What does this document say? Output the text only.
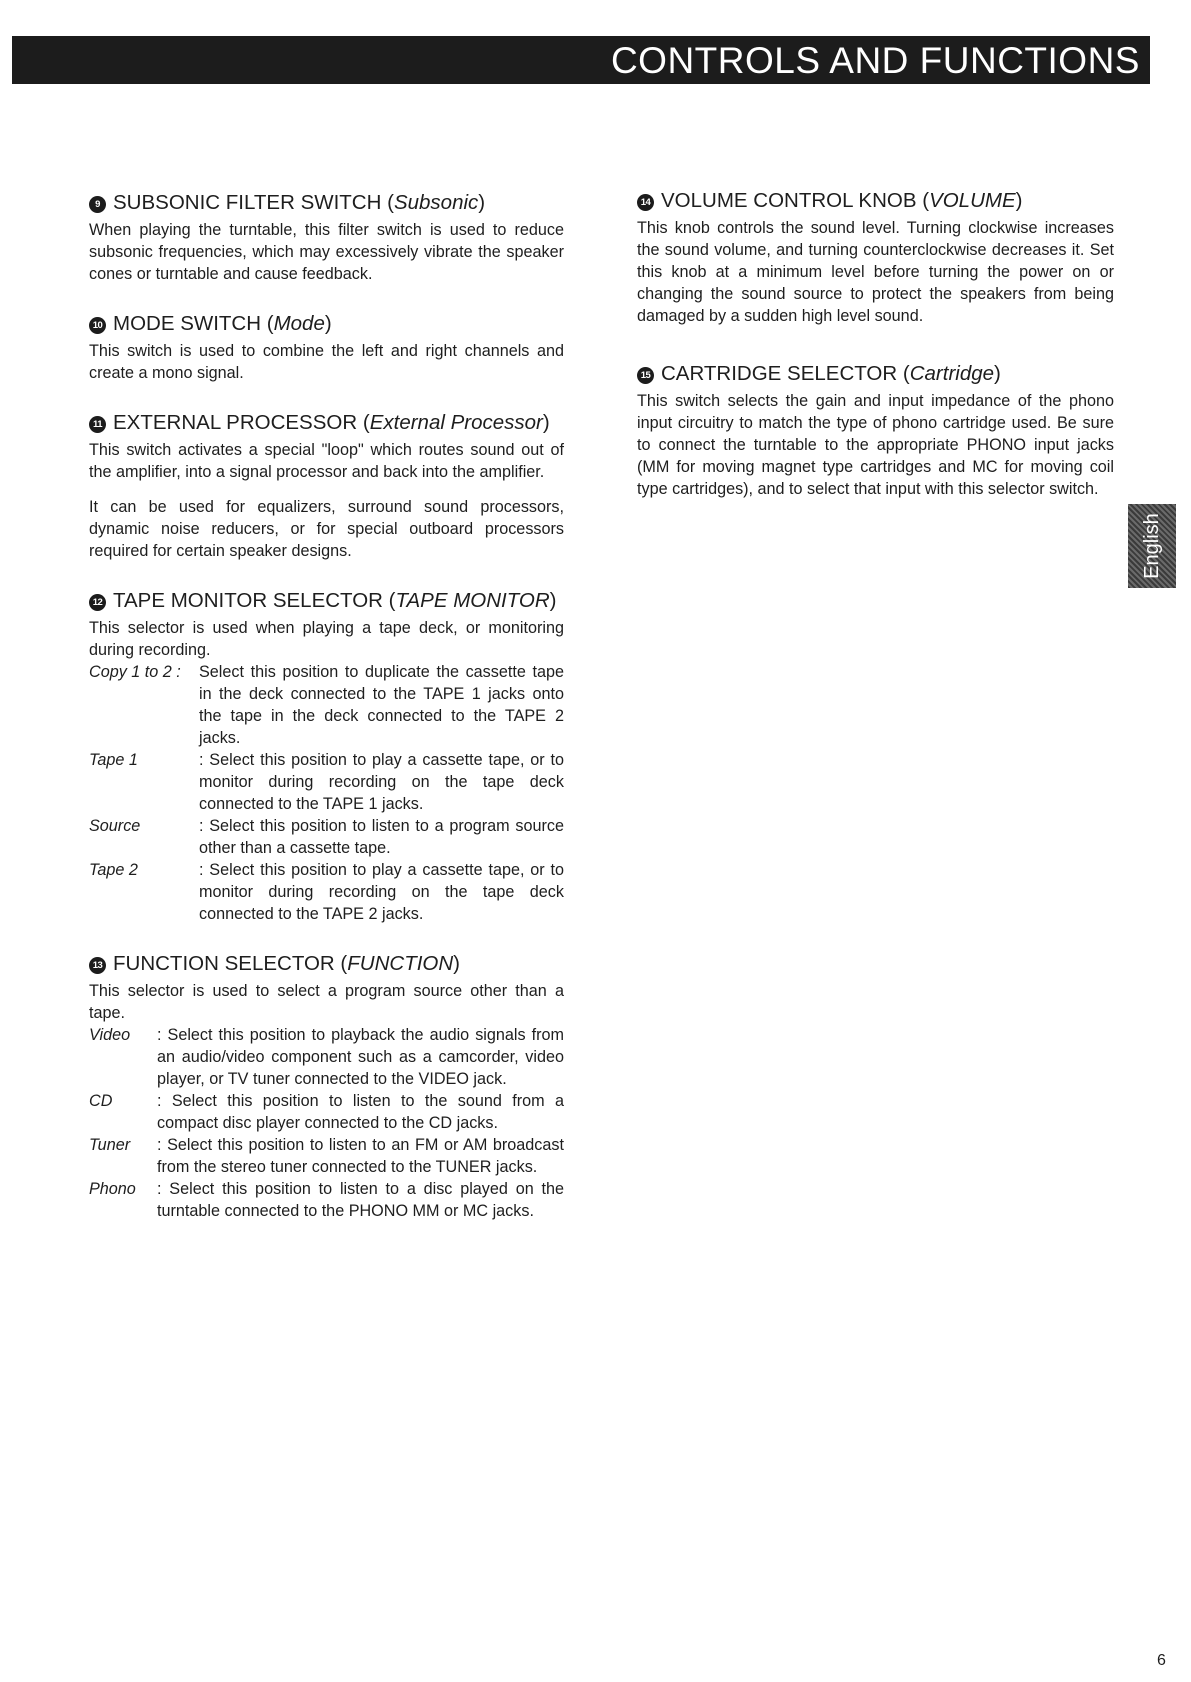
CONTROLS AND FUNCTIONS
9 SUBSONIC FILTER SWITCH (Subsonic)

When playing the turntable, this filter switch is used to reduce subsonic frequencies, which may excessively vibrate the speaker cones or turntable and cause feedback.

10 MODE SWITCH (Mode)

This switch is used to combine the left and right channels and create a mono signal.

11 EXTERNAL PROCESSOR (External Processor)

This switch activates a special "loop" which routes sound out of the amplifier, into a signal processor and back into the amplifier.

It can be used for equalizers, surround sound processors, dynamic noise reducers, or for special outboard processors required for certain speaker designs.

12 TAPE MONITOR SELECTOR (TAPE MONITOR)

This selector is used when playing a tape deck, or monitoring during recording.

Copy 1 to 2 :	Select this position to duplicate the cassette tape in the deck connected to the TAPE 1 jacks onto the tape in the deck connected to the TAPE 2 jacks.
Tape 1	: Select this position to play a cassette tape, or to monitor during recording on the tape deck connected to the TAPE 1 jacks.
Source	: Select this position to listen to a program source other than a cassette tape.
Tape 2	: Select this position to play a cassette tape, or to monitor during recording on the tape deck connected to the TAPE 2 jacks.
13 FUNCTION SELECTOR (FUNCTION)

This selector is used to select a program source other than a tape.

Video	: Select this position to playback the audio signals from an audio/video component such as a camcorder, video player, or TV tuner connected to the VIDEO jack.
CD	: Select this position to listen to the sound from a compact disc player connected to the CD jacks.
Tuner	: Select this position to listen to an FM or AM broadcast from the stereo tuner connected to the TUNER jacks.
Phono	: Select this position to listen to a disc played on the turntable connected to the PHONO MM or MC jacks.
14 VOLUME CONTROL KNOB (VOLUME)

This knob controls the sound level. Turning clockwise increases the sound volume, and turning counterclockwise decreases it. Set this knob at a minimum level before turning the power on or changing the sound source to protect the speakers from being damaged by a sudden high level sound.

15 CARTRIDGE SELECTOR (Cartridge)

This switch selects the gain and input impedance of the phono input circuitry to match the type of phono cartridge used. Be sure to connect the turntable to the appropriate PHONO input jacks (MM for moving magnet type cartridges and MC for moving coil type cartridges), and to select that input with this selector switch.

English
6
